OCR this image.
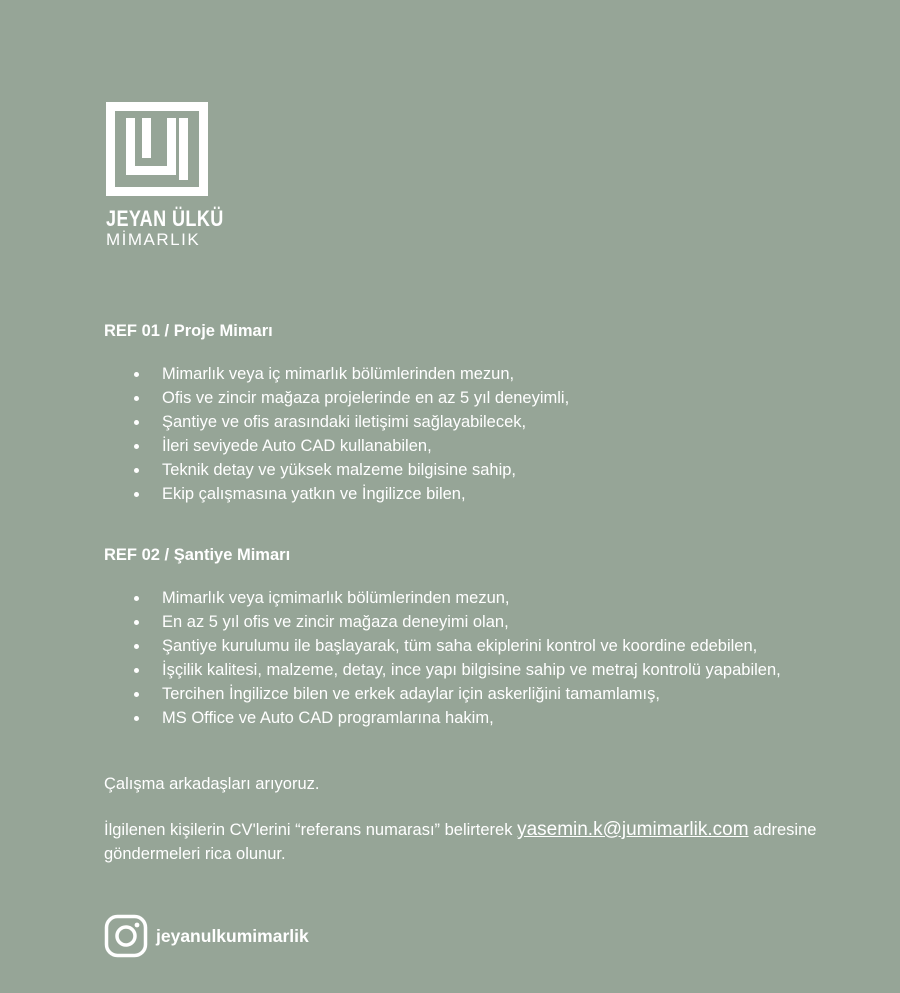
JEYAN ÜLKÜ
MİMARLIK
REF 01 / Proje Mimarı
Mimarlık veya iç mimarlık bölümlerinden mezun,
Ofis ve zincir mağaza projelerinde en az 5 yıl deneyimli,
Şantiye ve ofis arasındaki iletişimi sağlayabilecek,
İleri seviyede Auto CAD kullanabilen,
Teknik detay ve yüksek malzeme bilgisine sahip,
Ekip çalışmasına yatkın ve İngilizce bilen,
REF 02 / Şantiye Mimarı
Mimarlık veya içmimarlık bölümlerinden mezun,
En az 5 yıl ofis ve zincir mağaza deneyimi olan,
Şantiye kurulumu ile başlayarak, tüm saha ekiplerini kontrol ve koordine edebilen,
İşçilik kalitesi, malzeme, detay, ince yapı bilgisine sahip ve metraj kontrolü yapabilen,
Tercihen İngilizce bilen ve erkek adaylar için askerliğini tamamlamış,
MS Office ve Auto CAD programlarına hakim,

Çalışma arkadaşları arıyoruz.

İlgilenen kişilerin CV'lerini “referans numarası” belirterek yasemin.k@jumimarlik.com adresine göndermeleri rica olunur.

jeyanulkumimarlik
